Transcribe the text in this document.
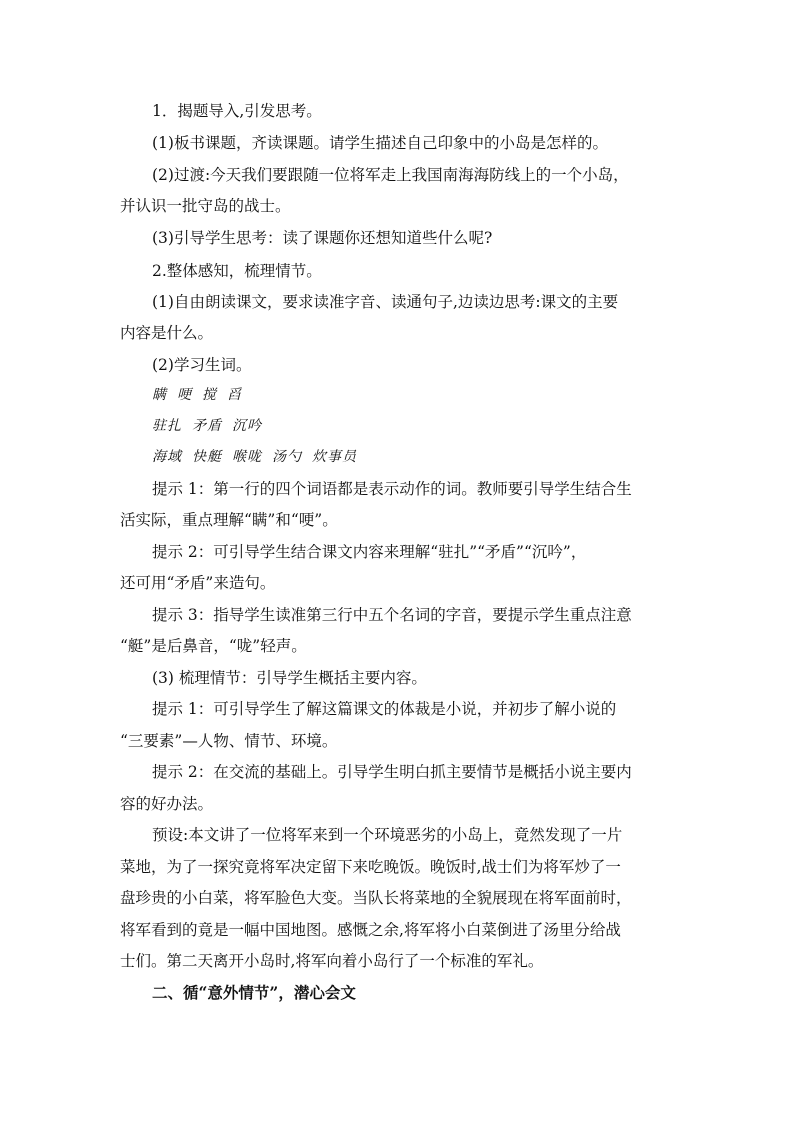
1．揭题导入,引发思考。
(1)板书课题，齐读课题。请学生描述自己印象中的小岛是怎样的。
(2)过渡:今天我们要跟随一位将军走上我国南海海防线上的一个小岛，
并认识一批守岛的战士。
(3)引导学生思考：读了课题你还想知道些什么呢?
2.整体感知，梳理情节。
(1)自由朗读课文，要求读准字音、读通句子,边读边思考:课文的主要
内容是什么。
(2)学习生词。
瞒 哽 搅 舀
驻扎 矛盾 沉吟
海域 快艇 喉咙 汤勺 炊事员
提示 1：第一行的四个词语都是表示动作的词。教师要引导学生结合生
活实际，重点理解“瞒”和“哽”。
提示 2：可引导学生结合课文内容来理解“驻扎”“矛盾”“沉吟”，
还可用“矛盾”来造句。
提示 3：指导学生读准第三行中五个名词的字音，要提示学生重点注意
“艇”是后鼻音，“咙”轻声。
(3) 梳理情节：引导学生概括主要内容。
提示 1：可引导学生了解这篇课文的体裁是小说，并初步了解小说的
“三要素”—人物、情节、环境。
提示 2：在交流的基础上。引导学生明白抓主要情节是概括小说主要内
容的好办法。
预设:本文讲了一位将军来到一个环境恶劣的小岛上，竟然发现了一片
菜地，为了一探究竟将军决定留下来吃晚饭。晚饭时,战士们为将军炒了一
盘珍贵的小白菜，将军脸色大变。当队长将菜地的全貌展现在将军面前时，
将军看到的竟是一幅中国地图。感慨之余,将军将小白菜倒进了汤里分给战
士们。第二天离开小岛时,将军向着小岛行了一个标准的军礼。
二、循“意外情节”，潜心会文
